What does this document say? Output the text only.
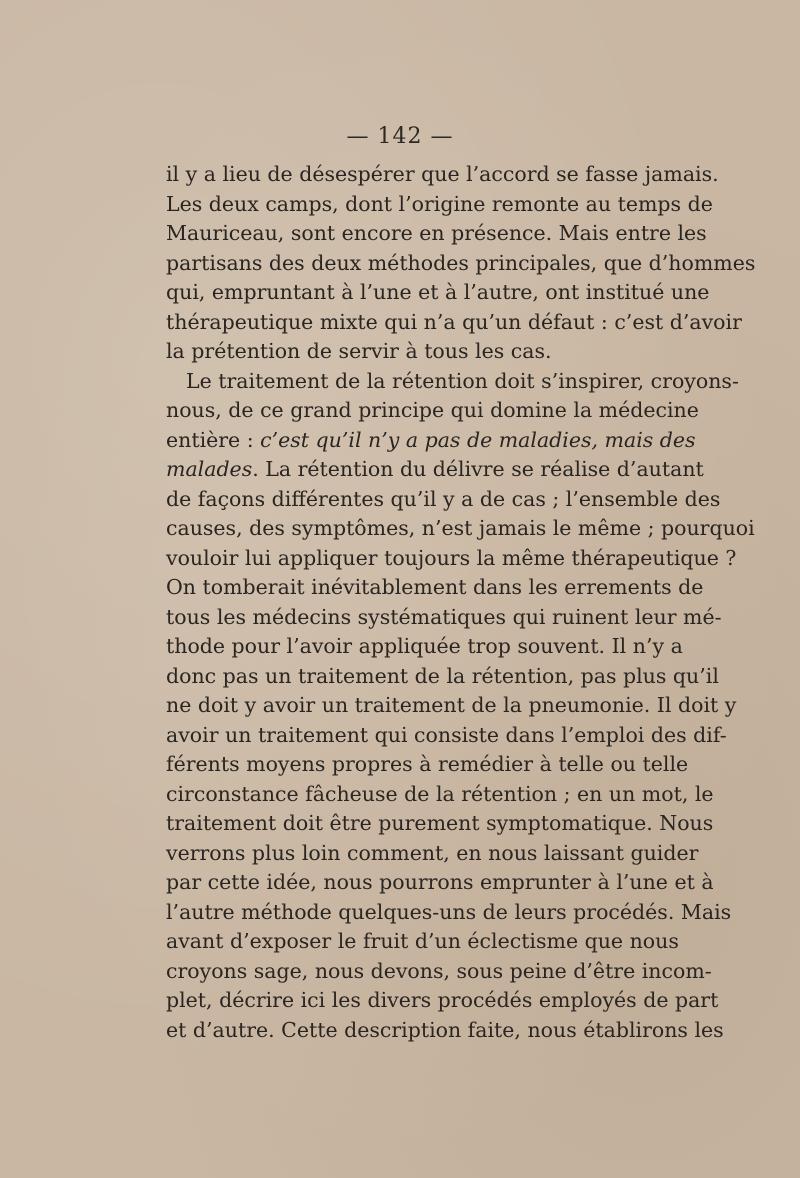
— 142 —
il y a lieu de désespérer que l’accord se fasse jamais.
Les deux camps, dont l’origine remonte au temps de
Mauriceau, sont encore en présence. Mais entre les
partisans des deux méthodes principales, que d’hommes
qui, empruntant à l’une et à l’autre, ont institué une
thérapeutique mixte qui n’a qu’un défaut : c’est d’avoir
la prétention de servir à tous les cas.
Le traitement de la rétention doit s’inspirer, croyons-
nous, de ce grand principe qui domine la médecine
entière : c’est qu’il n’y a pas de maladies, mais des
malades. La rétention du délivre se réalise d’autant
de façons différentes qu’il y a de cas ; l’ensemble des
causes, des symptômes, n’est jamais le même ; pourquoi
vouloir lui appliquer toujours la même thérapeutique ?
On tomberait inévitablement dans les errements de
tous les médecins systématiques qui ruinent leur mé-
thode pour l’avoir appliquée trop souvent. Il n’y a
donc pas un traitement de la rétention, pas plus qu’il
ne doit y avoir un traitement de la pneumonie. Il doit y
avoir un traitement qui consiste dans l’emploi des dif-
férents moyens propres à remédier à telle ou telle
circonstance fâcheuse de la rétention ; en un mot, le
traitement doit être purement symptomatique. Nous
verrons plus loin comment, en nous laissant guider
par cette idée, nous pourrons emprunter à l’une et à
l’autre méthode quelques-uns de leurs procédés. Mais
avant d’exposer le fruit d’un éclectisme que nous
croyons sage, nous devons, sous peine d’être incom-
plet, décrire ici les divers procédés employés de part
et d’autre. Cette description faite, nous établirons les
